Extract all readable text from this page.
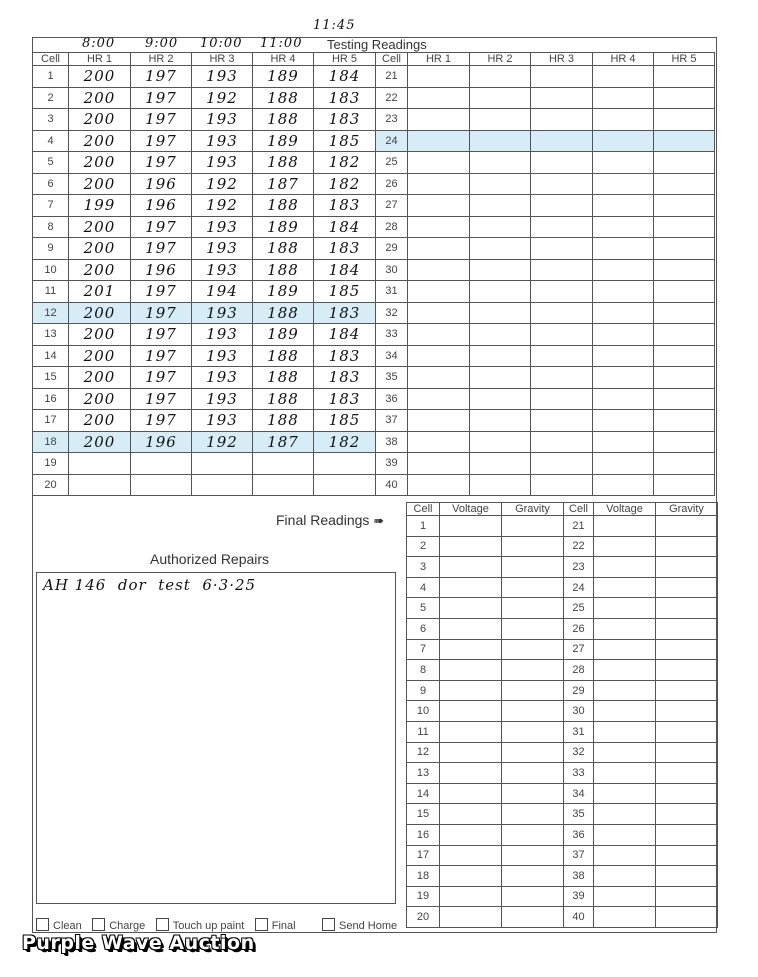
8:00 9:00 10:00 11:00
11:45
Testing Readings
Cell	HR 1	HR 2	HR 3	HR 4	HR 5	Cell	HR 1	HR 2	HR 3	HR 4	HR 5
1	200	197	193	189	184	21					
2	200	197	192	188	183	22					
3	200	197	193	188	183	23					
4	200	197	193	189	185	24					
5	200	197	193	188	182	25					
6	200	196	192	187	182	26					
7	199	196	192	188	183	27					
8	200	197	193	189	184	28					
9	200	197	193	188	183	29					
10	200	196	193	188	184	30					
11	201	197	194	189	185	31					
12	200	197	193	188	183	32					
13	200	197	193	189	184	33					
14	200	197	193	188	183	34					
15	200	197	193	188	183	35					
16	200	197	193	188	183	36					
17	200	197	193	188	185	37					
18	200	196	192	187	182	38					
19						39					
20						40					
Final Readings ➠
Authorized Repairs
AH 146  dor  test  6·3·25
Cell	Voltage	Gravity	Cell	Voltage	Gravity
1			21		
2			22		
3			23		
4			24		
5			25		
6			26		
7			27		
8			28		
9			29		
10			30		
11			31		
12			32		
13			33		
14			34		
15			35		
16			36		
17			37		
18			38		
19			39		
20			40		
Clean Charge Touch up paint Final	Send Home
Purple Wave Auction
